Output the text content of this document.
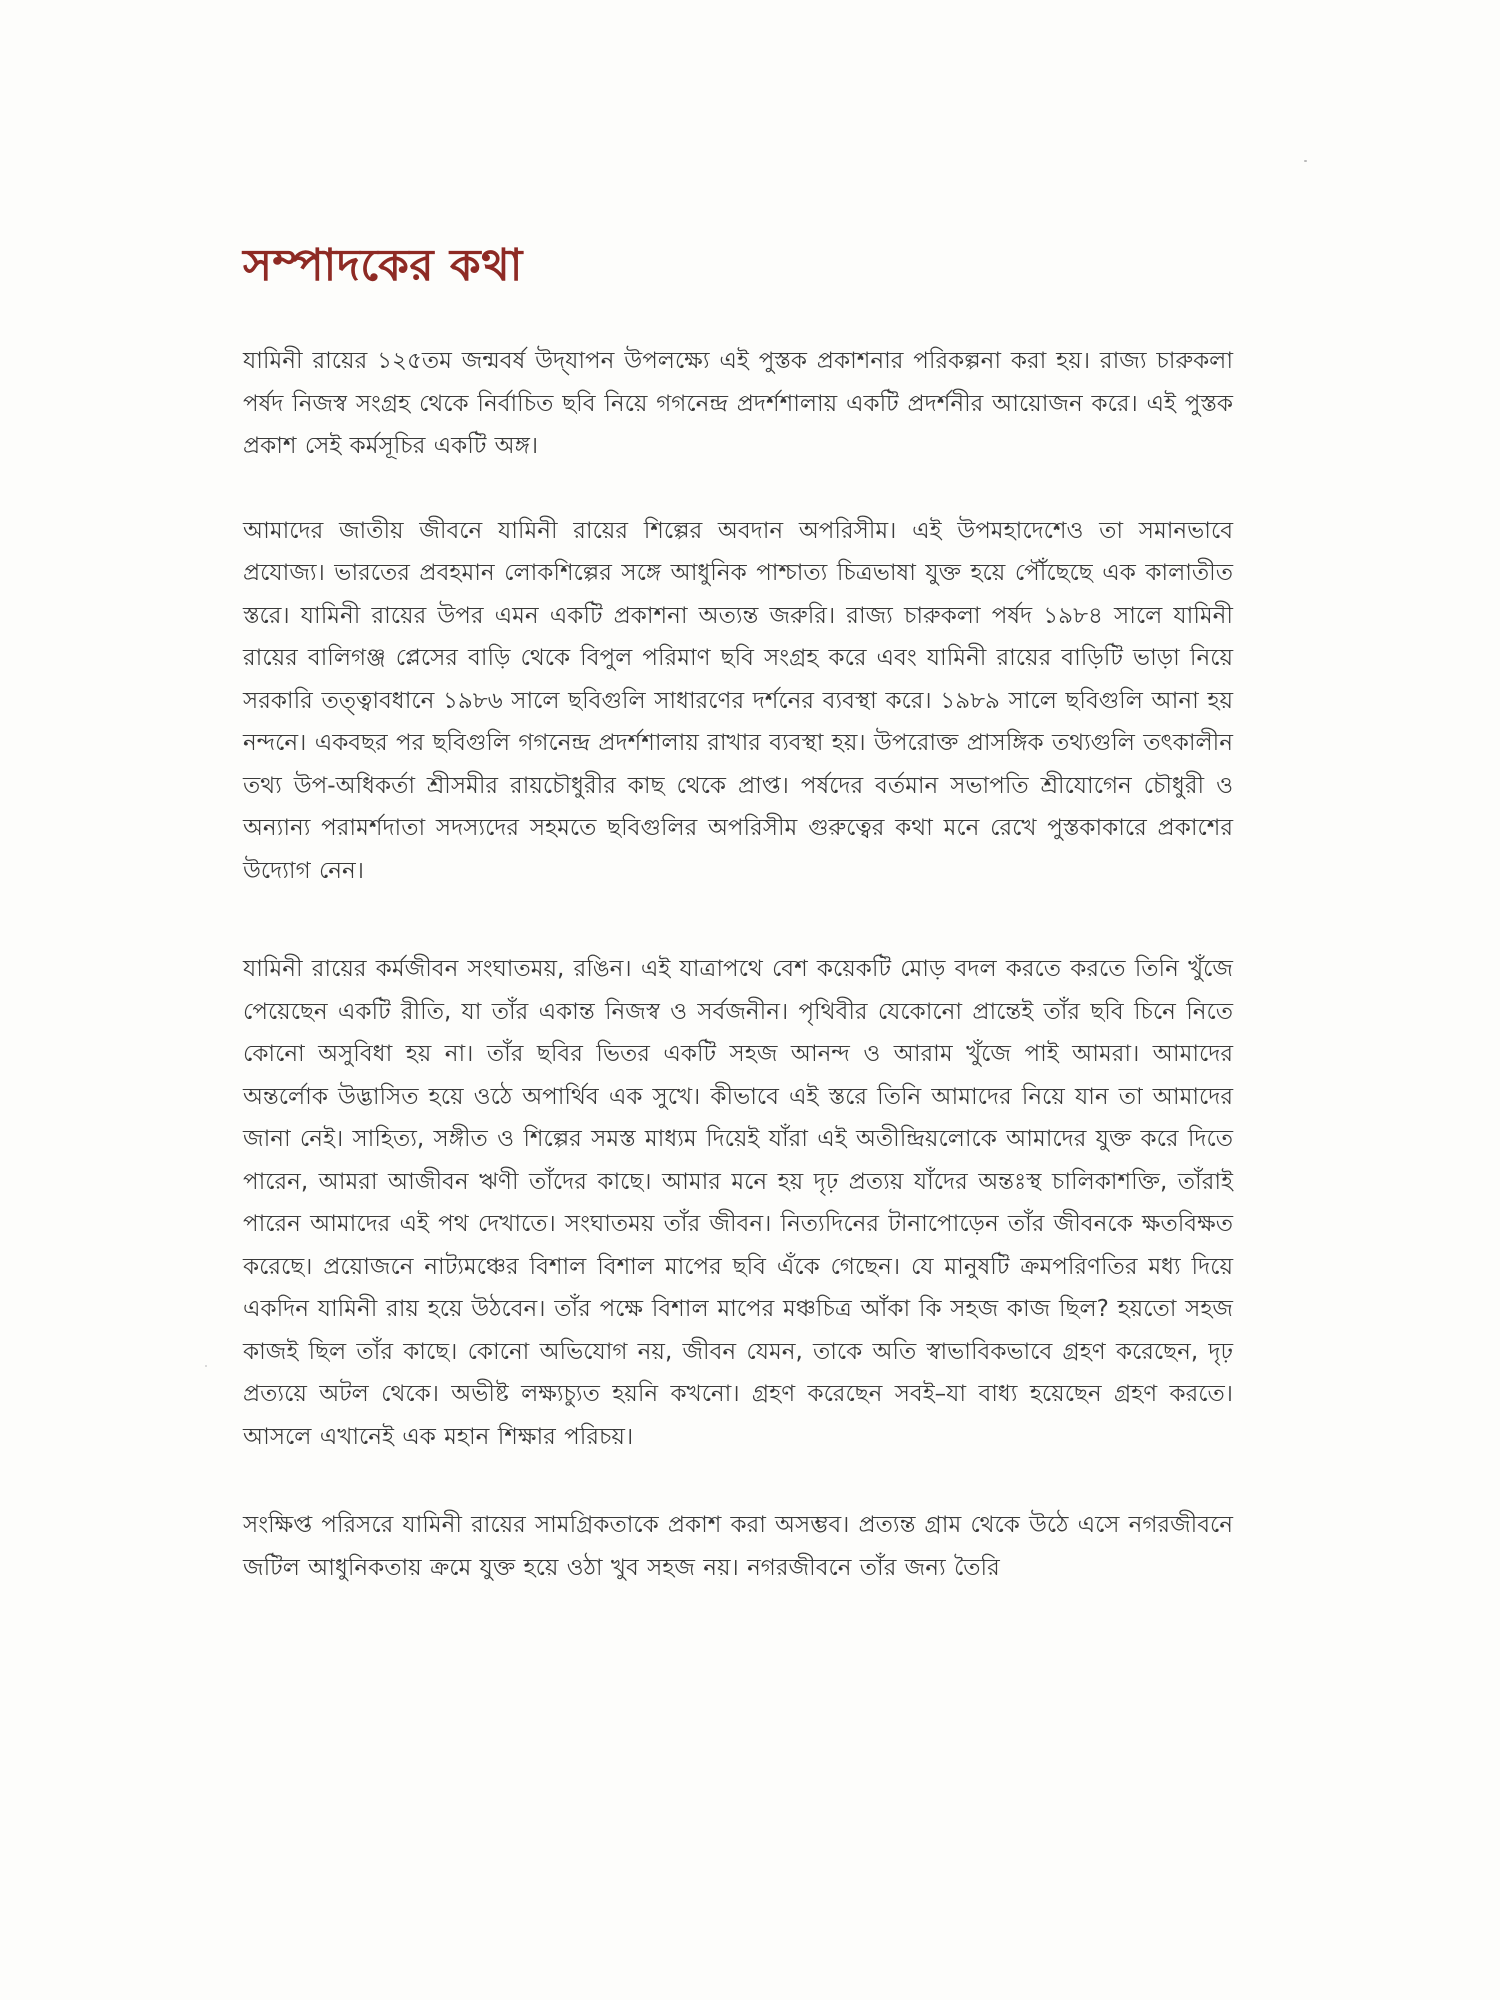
সম্পাদকের কথা

যামিনী রায়ের ১২৫তম জন্মবর্ষ উদ্‌যাপন উপলক্ষ্যে এই পুস্তক প্রকাশনার পরিকল্পনা করা হয়। রাজ্য চারুকলা পর্ষদ নিজস্ব সংগ্রহ থেকে নির্বাচিত ছবি নিয়ে গগনেন্দ্র প্রদর্শশালায় একটি প্রদর্শনীর আয়োজন করে। এই পুস্তক প্রকাশ সেই কর্মসূচির একটি অঙ্গ।

আমাদের জাতীয় জীবনে যামিনী রায়ের শিল্পের অবদান অপরিসীম। এই উপমহাদেশেও তা সমানভাবে প্রযোজ্য। ভারতের প্রবহমান লোকশিল্পের সঙ্গে আধুনিক পাশ্চাত্য চিত্রভাষা যুক্ত হয়ে পৌঁছেছে এক কালাতীত স্তরে। যামিনী রায়ের উপর এমন একটি প্রকাশনা অত্যন্ত জরুরি। রাজ্য চারুকলা পর্ষদ ১৯৮৪ সালে যামিনী রায়ের বালিগঞ্জ প্লেসের বাড়ি থেকে বিপুল পরিমাণ ছবি সংগ্রহ করে এবং যামিনী রায়ের বাড়িটি ভাড়া নিয়ে সরকারি তত্ত্বাবধানে ১৯৮৬ সালে ছবিগুলি সাধারণের দর্শনের ব্যবস্থা করে। ১৯৮৯ সালে ছবিগুলি আনা হয় নন্দনে। একবছর পর ছবিগুলি গগনেন্দ্র প্রদর্শশালায় রাখার ব্যবস্থা হয়। উপরোক্ত প্রাসঙ্গিক তথ্যগুলি তৎকালীন তথ্য উপ-অধিকর্তা শ্রীসমীর রায়চৌধুরীর কাছ থেকে প্রাপ্ত। পর্ষদের বর্তমান সভাপতি শ্রীযোগেন চৌধুরী ও অন্যান্য পরামর্শদাতা সদস্যদের সহমতে ছবিগুলির অপরিসীম গুরুত্বের কথা মনে রেখে পুস্তকাকারে প্রকাশের উদ্যোগ নেন।

যামিনী রায়ের কর্মজীবন সংঘাতময়, রঙিন। এই যাত্রাপথে বেশ কয়েকটি মোড় বদল করতে করতে তিনি খুঁজে পেয়েছেন একটি রীতি, যা তাঁর একান্ত নিজস্ব ও সর্বজনীন। পৃথিবীর যেকোনো প্রান্তেই তাঁর ছবি চিনে নিতে কোনো অসুবিধা হয় না। তাঁর ছবির ভিতর একটি সহজ আনন্দ ও আরাম খুঁজে পাই আমরা। আমাদের অন্তর্লোক উদ্ভাসিত হয়ে ওঠে অপার্থিব এক সুখে। কীভাবে এই স্তরে তিনি আমাদের নিয়ে যান তা আমাদের জানা নেই। সাহিত্য, সঙ্গীত ও শিল্পের সমস্ত মাধ্যম দিয়েই যাঁরা এই অতীন্দ্রিয়লোকে আমাদের যুক্ত করে দিতে পারেন, আমরা আজীবন ঋণী তাঁদের কাছে। আমার মনে হয় দৃঢ় প্রত্যয় যাঁদের অন্তঃস্থ চালিকাশক্তি, তাঁরাই পারেন আমাদের এই পথ দেখাতে। সংঘাতময় তাঁর জীবন। নিত্যদিনের টানাপোড়েন তাঁর জীবনকে ক্ষতবিক্ষত করেছে। প্রয়োজনে নাট্যমঞ্চের বিশাল বিশাল মাপের ছবি এঁকে গেছেন। যে মানুষটি ক্রমপরিণতির মধ্য দিয়ে একদিন যামিনী রায় হয়ে উঠবেন। তাঁর পক্ষে বিশাল মাপের মঞ্চচিত্র আঁকা কি সহজ কাজ ছিল? হয়তো সহজ কাজই ছিল তাঁর কাছে। কোনো অভিযোগ নয়, জীবন যেমন, তাকে অতি স্বাভাবিকভাবে গ্রহণ করেছেন, দৃঢ় প্রত্যয়ে অটল থেকে। অভীষ্ট লক্ষ্যচ্যুত হয়নি কখনো। গ্রহণ করেছেন সবই–যা বাধ্য হয়েছেন গ্রহণ করতে। আসলে এখানেই এক মহান শিক্ষার পরিচয়।

সংক্ষিপ্ত পরিসরে যামিনী রায়ের সামগ্রিকতাকে প্রকাশ করা অসম্ভব। প্রত্যন্ত গ্রাম থেকে উঠে এসে নগরজীবনে জটিল আধুনিকতায় ক্রমে যুক্ত হয়ে ওঠা খুব সহজ নয়। নগরজীবনে তাঁর জন্য তৈরি
